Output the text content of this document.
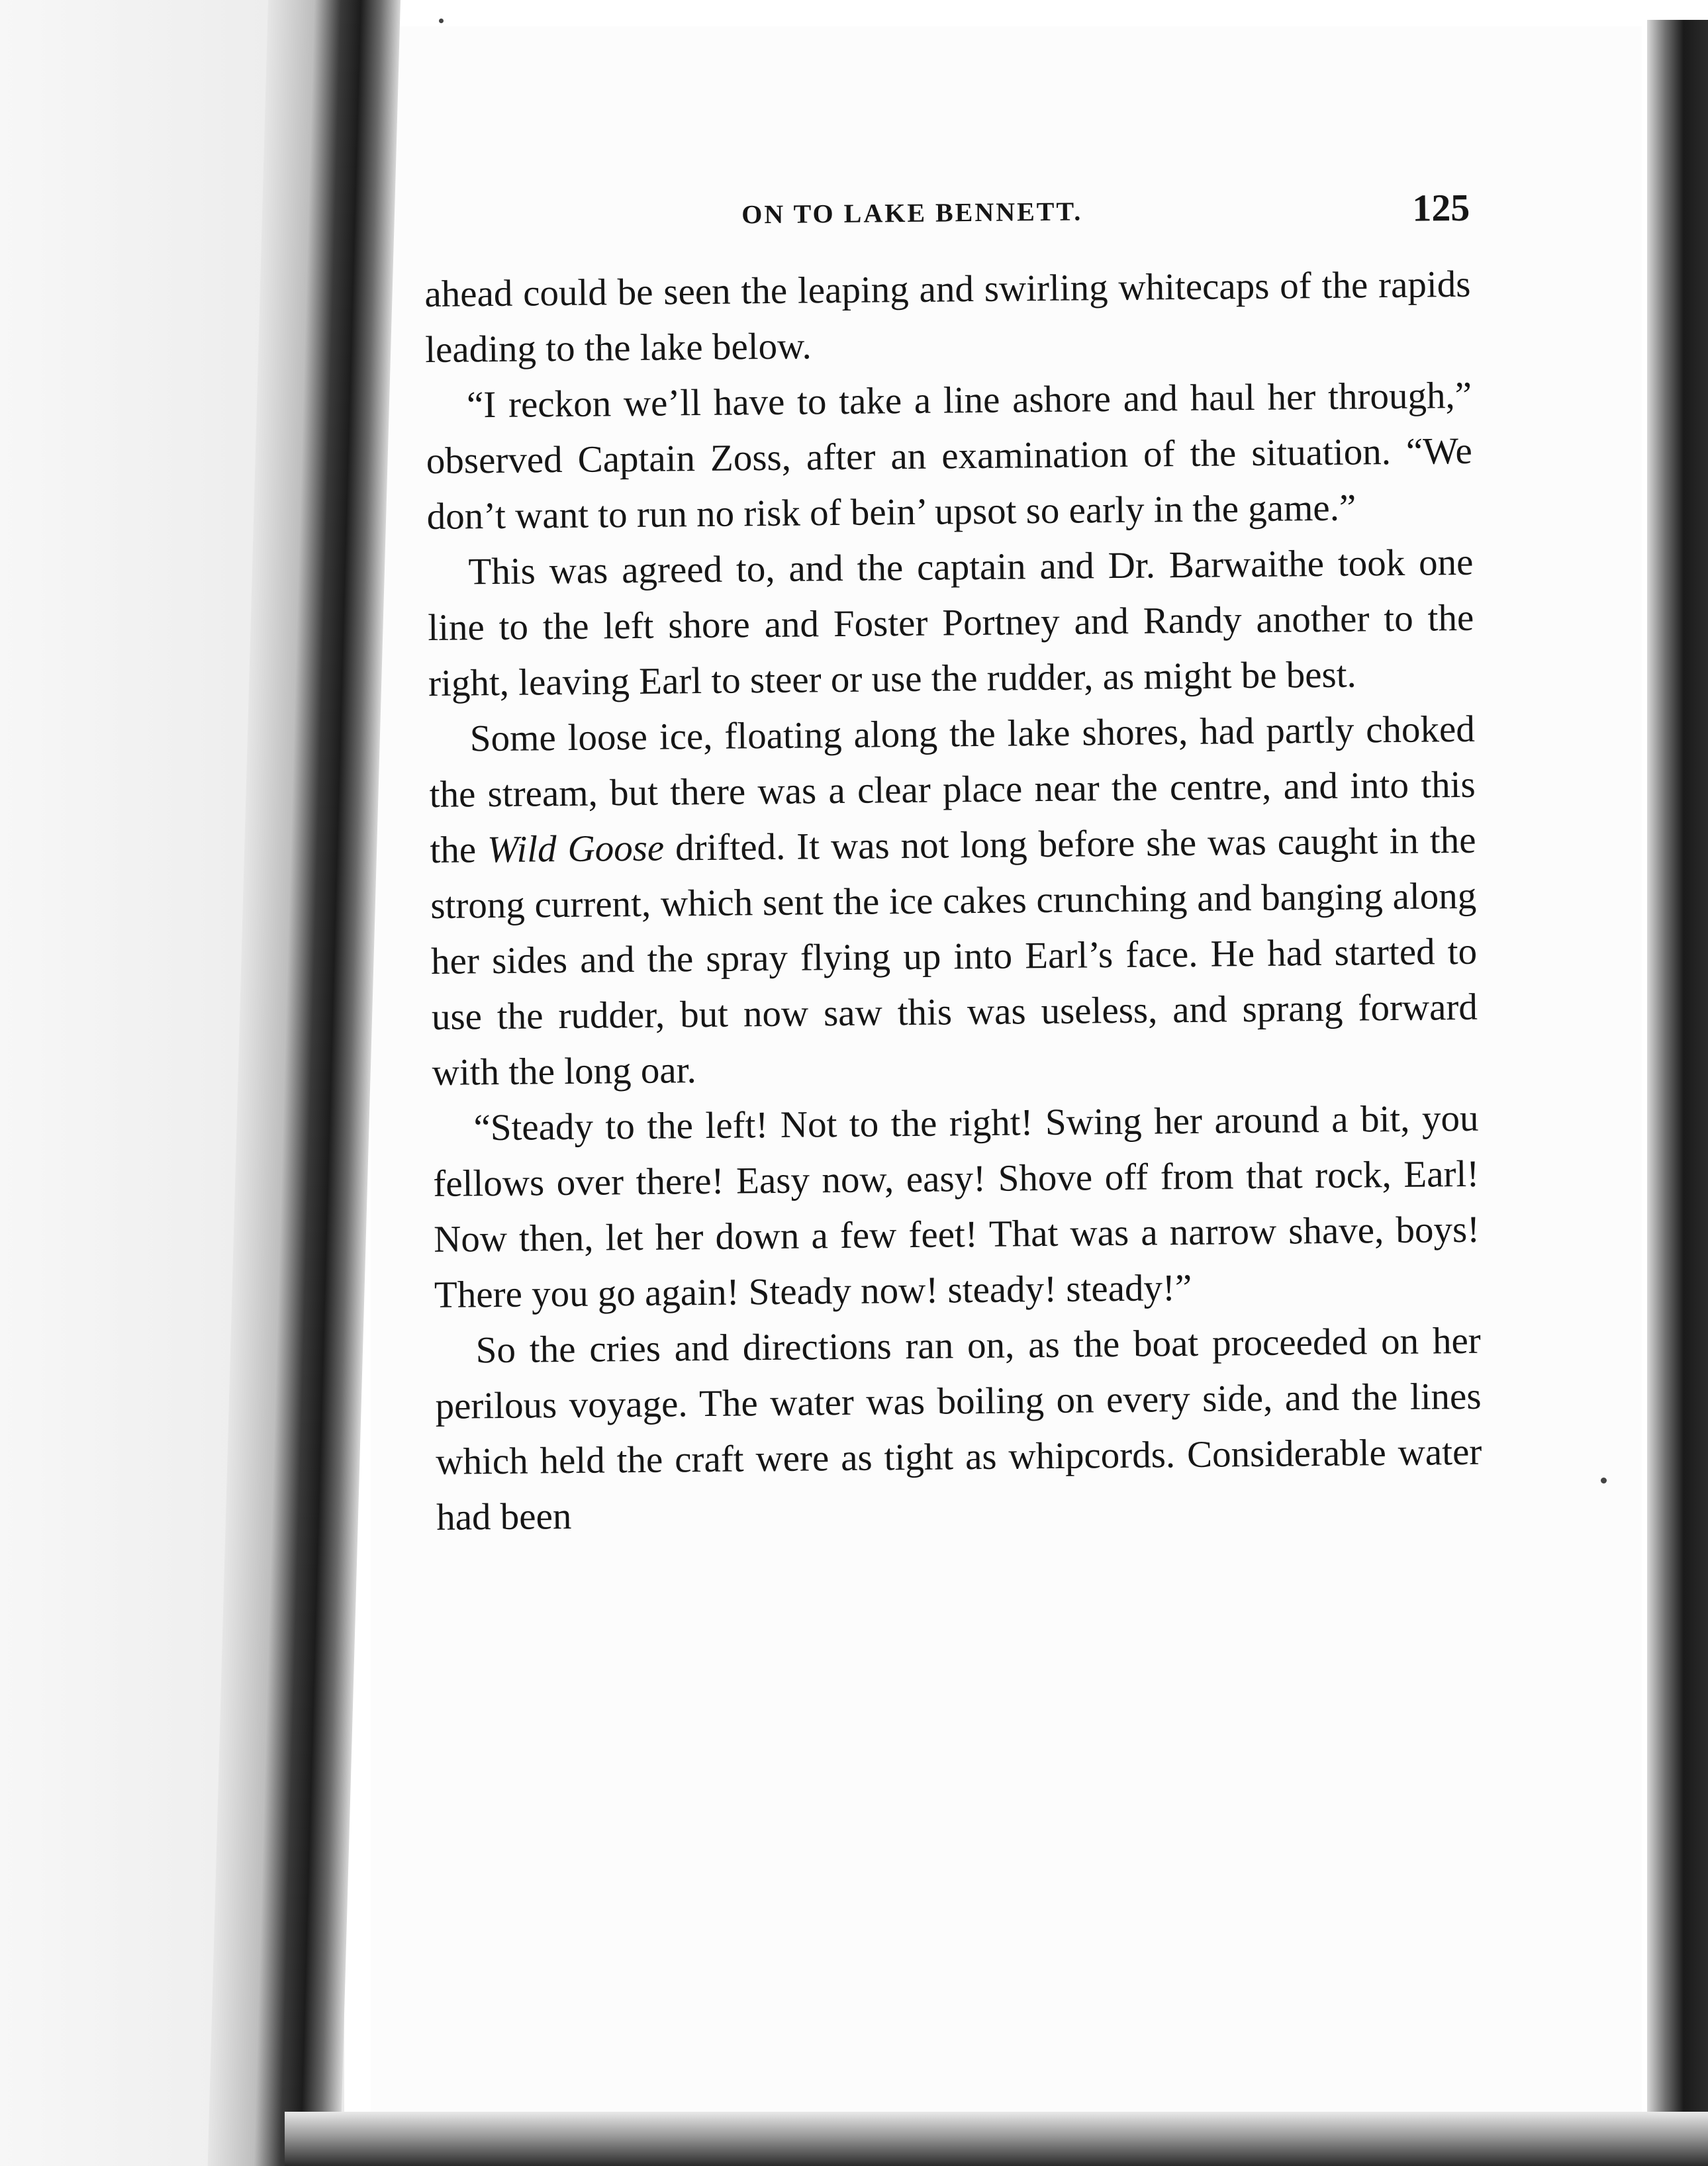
ON TO LAKE BENNETT.	125

ahead could be seen the leaping and swirling whitecaps of the rapids leading to the lake below.

“I reckon we’ll have to take a line ashore and haul her through,” observed Captain Zoss, after an examination of the situation. “We don’t want to run no risk of bein’ upsot so early in the game.”

This was agreed to, and the captain and Dr. Barwaithe took one line to the left shore and Foster Portney and Randy another to the right, leaving Earl to steer or use the rudder, as might be best.

Some loose ice, floating along the lake shores, had partly choked the stream, but there was a clear place near the centre, and into this the Wild Goose drifted. It was not long before she was caught in the strong current, which sent the ice cakes crunching and banging along her sides and the spray flying up into Earl’s face. He had started to use the rudder, but now saw this was useless, and sprang forward with the long oar.

“Steady to the left! Not to the right! Swing her around a bit, you fellows over there! Easy now, easy! Shove off from that rock, Earl! Now then, let her down a few feet! That was a narrow shave, boys! There you go again! Steady now! steady! steady!”

So the cries and directions ran on, as the boat proceeded on her perilous voyage. The water was boiling on every side, and the lines which held the craft were as tight as whipcords. Considerable water had been
